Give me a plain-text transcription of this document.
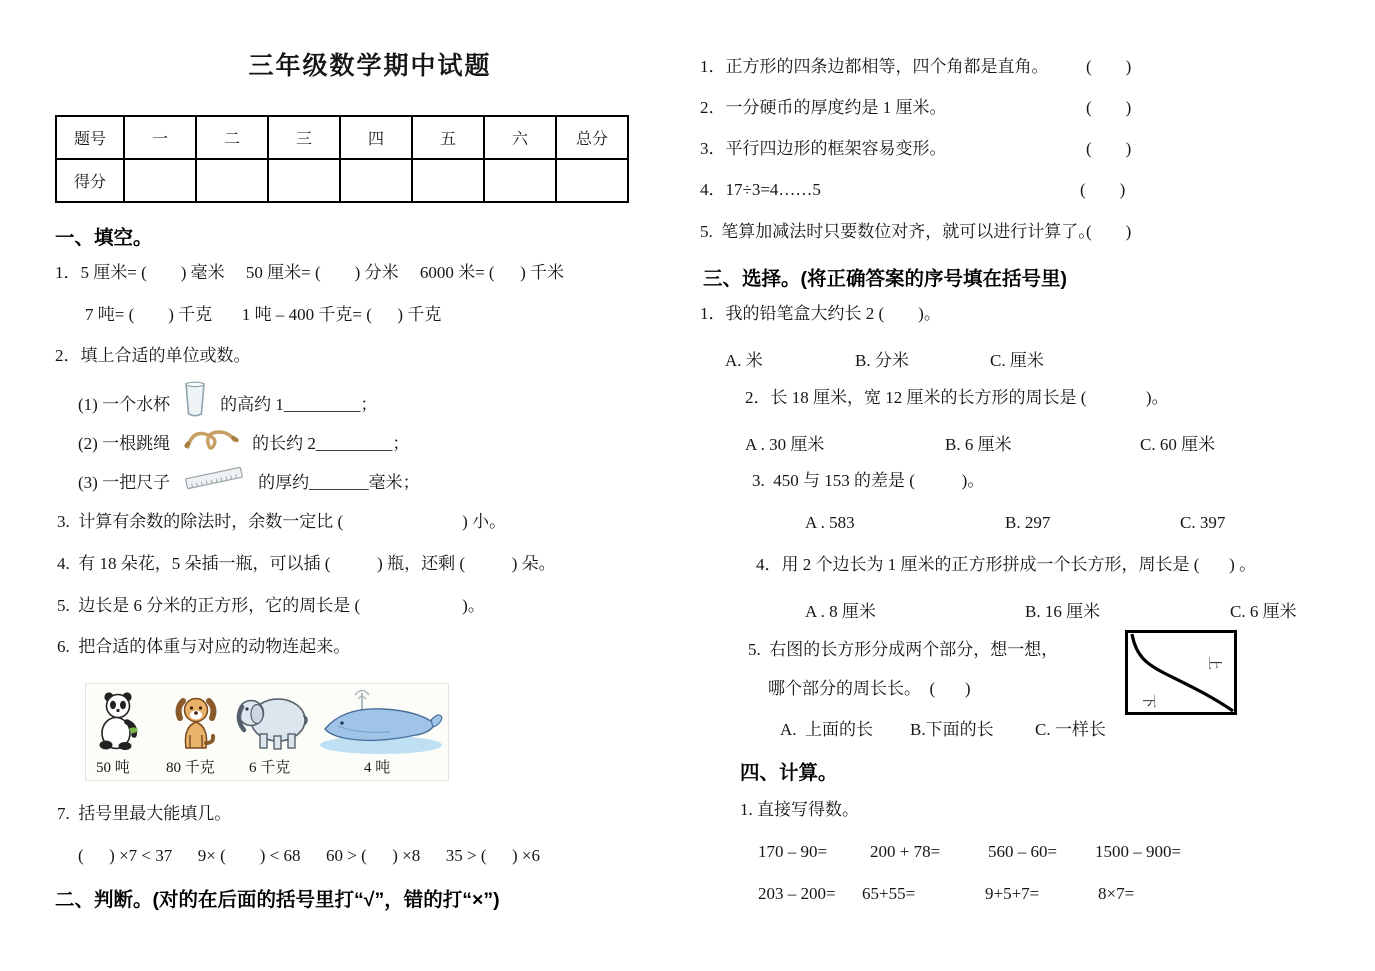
三年级数学期中试题
题号	一	二	三	四	五	六	总分
得分							
一、填空。
1．5 厘米= (        ) 毫米     50 厘米= (        ) 分米     6000 米= (      ) 千米
7 吨= (        ) 千克       1 吨 – 400 千克= (      ) 千克
2．填上合适的单位或数。
(1) 一个水杯	的高约 1_________；
(2) 一根跳绳	的长约 2_________；
(3) 一把尺子	的厚约_______毫米；
3.  计算有余数的除法时，余数一定比 (                            ) 小。
4.  有 18 朵花，5 朵插一瓶，可以插 (           ) 瓶，还剩 (           ) 朵。
5.  边长是 6 分米的正方形，它的周长是 (                        )。
6.  把合适的体重与对应的动物连起来。
50 吨 80 千克 6 千克	4 吨
7.  括号里最大能填几。
(      ) ×7 < 37      9× (        ) < 68      60 > (      ) ×8      35 > (      ) ×6
二、判断。(对的在后面的括号里打“√”，错的打“×”)
1．正方形的四条边都相等，四个角都是直角。 (        )
2．一分硬币的厚度约是 1 厘米。	(        )
3．平行四边形的框架容易变形。	(        )
4．17÷3=4……5	(        )
5.  笔算加减法时只要数位对齐，就可以进行计算了。
(        )
三、选择。(将正确答案的序号填在括号里)
1．我的铅笔盒大约长 2 (        )。
A. 米	B. 分米	C. 厘米
2．长 18 厘米，宽 12 厘米的长方形的周长是 (              )。
A . 30 厘米	B. 6 厘米	C. 60 厘米
3.  450 与 153 的差是 (           )。
A . 583	B. 297	C. 397
4．用 2 个边长为 1 厘米的正方形拼成一个长方形，周长是 (       ) 。
A . 8 厘米	B. 16 厘米	C. 6 厘米
5.  右图的长方形分成两个部分，想一想，
哪个部分的周长长。  (       )
A.  上面的长 B.下面的长 C. 一样长
上
下
四、计算。
1. 直接写得数。
170 – 90=	200 + 78=	560 – 60= 1500 – 900=
203 – 200= 65+55=	9+5+7=	8×7=
